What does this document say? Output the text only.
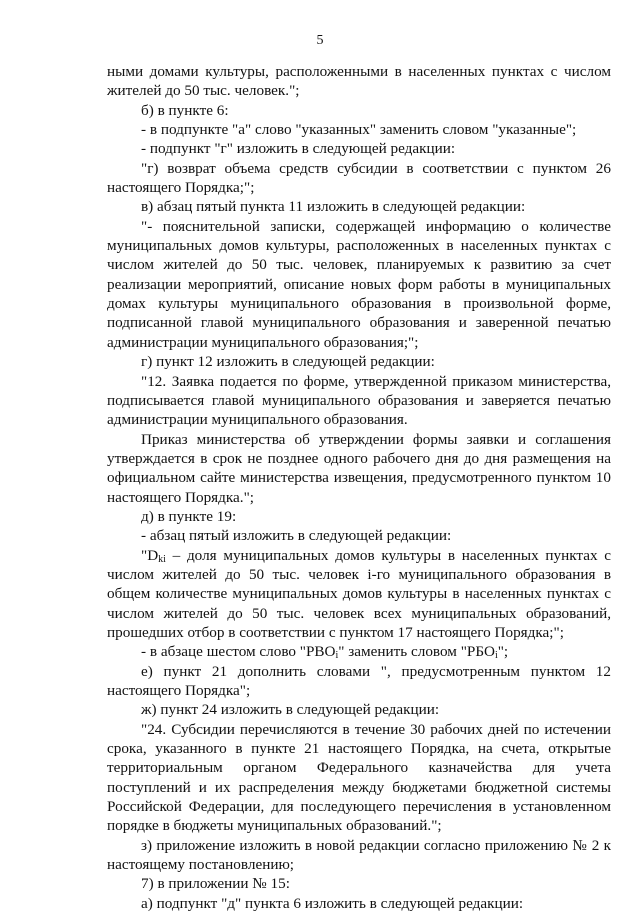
5

ными домами культуры, расположенными в населенных пунктах с числом жителей до 50 тыс. человек.";

б) в пункте 6:

- в подпункте "а" слово "указанных" заменить словом "указанные";

- подпункт "г" изложить в следующей редакции:

"г) возврат объема средств субсидии в соответствии с пунктом 26 настоящего Порядка;";

в) абзац пятый пункта 11 изложить в следующей редакции:

"- пояснительной записки, содержащей информацию о количестве муниципальных домов культуры, расположенных в населенных пунктах с числом жителей до 50 тыс. человек, планируемых к развитию за счет реализации мероприятий, описание новых форм работы в муниципальных домах культуры муниципального образования в произвольной форме, подписанной главой муниципального образования и заверенной печатью администрации муниципального образования;";

г) пункт 12 изложить в следующей редакции:

"12. Заявка подается по форме, утвержденной приказом министерства, подписывается главой муниципального образования и заверяется печатью администрации муниципального образования.

Приказ министерства об утверждении формы заявки и соглашения утверждается в срок не позднее одного рабочего дня до дня размещения на официальном сайте министерства извещения, предусмотренного пунктом 10 настоящего Порядка.";

д) в пункте 19:

- абзац пятый изложить в следующей редакции:

"$D_{ki}$ – доля муниципальных домов культуры в населенных пунктах с числом жителей до 50 тыс. человек i-го муниципального образования в общем количестве муниципальных домов культуры в населенных пунктах с числом жителей до 50 тыс. человек всех муниципальных образований, прошедших отбор в соответствии с пунктом 17 настоящего Порядка;";

- в абзаце шестом слово "$РВО_i$" заменить словом "$РБО_i$";

е) пункт 21 дополнить словами ", предусмотренным пунктом 12 настоящего Порядка";

ж) пункт 24 изложить в следующей редакции:

"24. Субсидии перечисляются в течение 30 рабочих дней по истечении срока, указанного в пункте 21 настоящего Порядка, на счета, открытые территориальным органом Федерального казначейства для учета поступлений и их распределения между бюджетами бюджетной системы Российской Федерации, для последующего перечисления в установленном порядке в бюджеты муниципальных образований.";

з) приложение изложить в новой редакции согласно приложению № 2 к настоящему постановлению;

7) в приложении № 15:

а) подпункт "д" пункта 6 изложить в следующей редакции:
